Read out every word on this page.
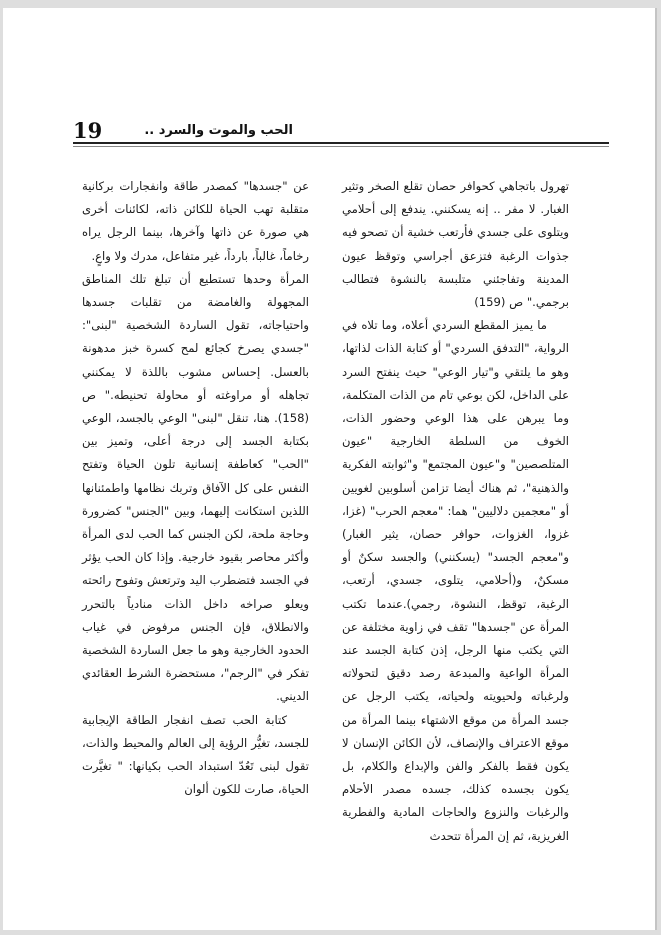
19	الحب والموت والسرد ..

تهرول باتجاهي كحوافر حصان تقلع الصخر وتثير الغبار. لا مفر .. إنه يسكنني. يندفع إلى أحلامي ويتلوى على جسدي فأرتعب خشية أن تصحو فيه جذوات الرغبة فتزعق أجراسي وتوقظ عيون المدينة وتفاجئني متلبسة بالنشوة فتطالب برجمي." ص (159)

ما يميز المقطع السردي أعلاه، وما تلاه في الرواية، "التدفق السردي" أو كتابة الذات لذاتها، وهو ما يلتقي و"تيار الوعي" حيث ينفتح السرد على الداخل، لكن بوعي تام من الذات المتكلمة، وما يبرهن على هذا الوعي وحضور الذات، الخوف من السلطة الخارجية "عيون المتلصصين" و"عيون المجتمع" و"ثوابته الفكرية والذهنية"، ثم هناك أيضا تزامن أسلوبين لغويين أو "معجمين دلاليين" هما: "معجم الحرب" (غزا، غزوا، الغزوات، حوافر حصان، يثير الغبار) و"معجم الجسد" (يسكنني) والجسد سكنٌ أو مسكنٌ، و(أحلامي، يتلوى، جسدي، أرتعب، الرغبة، توقظ، النشوة، رجمي).عندما تكتب المرأة عن "جسدها" تقف في زاوية مختلفة عن التي يكتب منها الرجل، إذن كتابة الجسد عند المرأة الواعية والمبدعة رصد دقيق لتحولاته ولرغباته ولحيويته ولحياته، يكتب الرجل عن جسد المرأة من موقع الاشتهاء بينما المرأة من موقع الاعتراف والإنصاف، لأن الكائن الإنسان لا يكون فقط بالفكر والفن والإبداع والكلام، بل يكون بجسده كذلك، جسده مصدر الأحلام والرغبات والنزوع والحاجات المادية والفطرية الغريزية، ثم إن المرأة تتحدث

عن "جسدها" كمصدر طاقة وانفجارات بركانية متقلبة تهب الحياة للكائن ذاته، لكائنات أخرى هي صورة عن ذاتها وآخرها، بينما الرجل يراه رخاماً، غالباً، بارداً، غير متفاعل، مدرك ولا واعٍ.

المرأة وحدها تستطيع أن تبلغ تلك المناطق المجهولة والغامضة من تقلبات جسدها واحتياجاته، تقول الساردة الشخصية "لبنى": "جسدي يصرخ كجائع لمح كسرة خبز مدهونة بالعسل. إحساس مشوب باللذة لا يمكنني تجاهله أو مراوغته أو محاولة تحنيطه." ص (158). هنا، تنقل "لبنى" الوعي بالجسد، الوعي بكتابة الجسد إلى درجة أعلى، وتميز بين "الحب" كعاطفة إنسانية تلون الحياة وتفتح النفس على كل الآفاق وتربك نظامها واطمئنانها اللذين استكانت إليهما، وبين "الجنس" كضرورة وحاجة ملحة، لكن الجنس كما الحب لدى المرأة وأكثر محاصر بقيود خارجية. وإذا كان الحب يؤثر في الجسد فتضطرب اليد وترتعش وتفوح رائحته ويعلو صراخه داخل الذات منادياً بالتحرر والانطلاق، فإن الجنس مرفوض في غياب الحدود الخارجية وهو ما جعل الساردة الشخصية تفكر في "الرجم"، مستحضرة الشرط العقائدي الديني.

كتابة الحب تصف انفجار الطاقة الإيجابية للجسد، تغيُّر الرؤية إلى العالم والمحيط والذات، تقول لبنى تَعُدّ استبداد الحب بكيانها: " تغيَّرت الحياة، صارت للكون ألوان
